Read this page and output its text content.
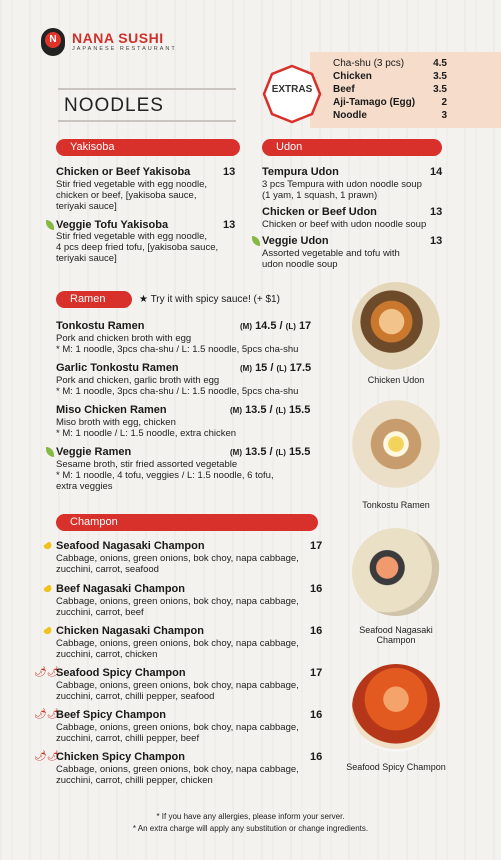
N	NANA SUSHI
JAPANESE RESTAURANT
EXTRAS
Cha-shu (3 pcs)	4.5
Chicken	3.5
Beef	3.5
Aji-Tamago (Egg)	2
Noodle	3
NOODLES
Yakisoba
Chicken or Beef Yakisoba	13
Stir fried vegetable with egg noodle,
chicken or beef, [yakisoba sauce,
teriyaki sauce]
Veggie Tofu Yakisoba	13
Stir fried vegetable with egg noodle,
4 pcs deep fried tofu, [yakisoba sauce,
teriyaki sauce]
Udon
Tempura Udon	14
3 pcs Tempura with udon noodle soup
(1 yam, 1 squash, 1 prawn)
Chicken or Beef Udon	13
Chicken or beef with udon noodle soup
Veggie Udon	13
Assorted vegetable and tofu with
udon noodle soup
Ramen	★ Try it with spicy sauce! (+ $1)
Tonkostu Ramen	(M) 14.5 / (L) 17
Pork and chicken broth with egg
* M: 1 noodle, 3pcs cha-shu / L: 1.5 noodle, 5pcs cha-shu
Garlic Tonkostu Ramen	(M) 15 / (L) 17.5
Pork and chicken, garlic broth with egg
* M: 1 noodle, 3pcs cha-shu / L: 1.5 noodle, 5pcs cha-shu
Miso Chicken Ramen	(M) 13.5 / (L) 15.5
Miso broth with egg, chicken
* M: 1 noodle / L: 1.5 noodle, extra chicken
Veggie Ramen	(M) 13.5 / (L) 15.5
Sesame broth, stir fried assorted vegetable
* M: 1 noodle, 4 tofu, veggies / L: 1.5 noodle, 6 tofu,
extra veggies
Champon
Seafood Nagasaki Champon	17
Cabbage, onions, green onions, bok choy, napa cabbage,
zucchini, carrot, seafood
Beef Nagasaki Champon	16
Cabbage, onions, green onions, bok choy, napa cabbage,
zucchini, carrot, beef
Chicken Nagasaki Champon	16
Cabbage, onions, green onions, bok choy, napa cabbage,
zucchini, carrot, chicken
🌶🌶
Seafood Spicy Champon	17
Cabbage, onions, green onions, bok choy, napa cabbage,
zucchini, carrot, chilli pepper, seafood
🌶🌶
Beef Spicy Champon	16
Cabbage, onions, green onions, bok choy, napa cabbage,
zucchini, carrot, chilli pepper, beef
🌶🌶
Chicken Spicy Champon	16
Cabbage, onions, green onions, bok choy, napa cabbage,
zucchini, carrot, chilli pepper, chicken
Chicken Udon
Tonkostu Ramen
Seafood Nagasaki Champon
Seafood Spicy Champon
* If you have any allergies, please inform your server.
* An extra charge will apply any substitution or change ingredients.
